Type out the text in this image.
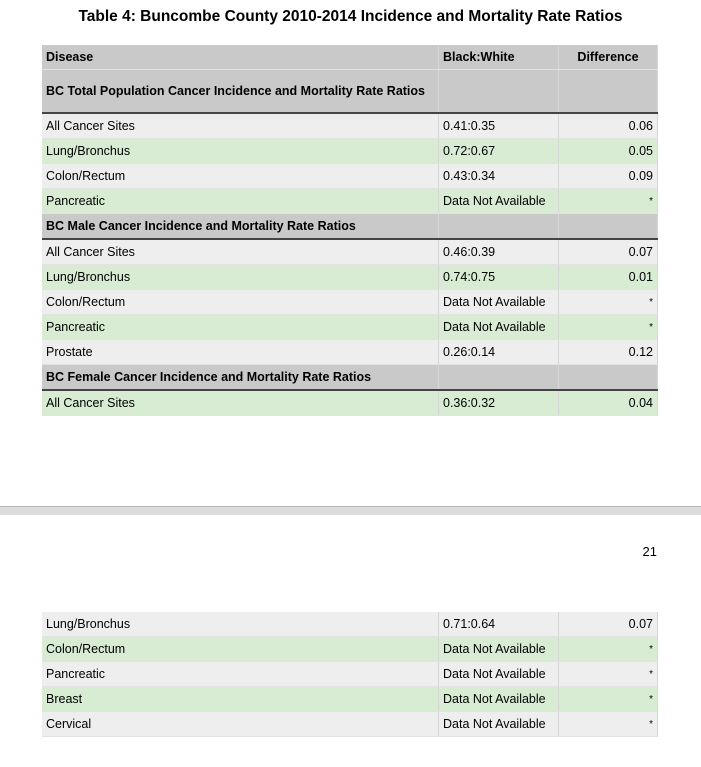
Table 4: Buncombe County 2010-2014 Incidence and Mortality Rate Ratios
Disease	Black:White	Difference
BC Total Population Cancer Incidence and Mortality Rate Ratios		
All Cancer Sites	0.41:0.35	0.06
Lung/Bronchus	0.72:0.67	0.05
Colon/Rectum	0.43:0.34	0.09
Pancreatic	Data Not Available	*
BC Male Cancer Incidence and Mortality Rate Ratios		
All Cancer Sites	0.46:0.39	0.07
Lung/Bronchus	0.74:0.75	0.01
Colon/Rectum	Data Not Available	*
Pancreatic	Data Not Available	*
Prostate	0.26:0.14	0.12
BC Female Cancer Incidence and Mortality Rate Ratios		
All Cancer Sites	0.36:0.32	0.04
21
Lung/Bronchus	0.71:0.64	0.07
Colon/Rectum	Data Not Available	*
Pancreatic	Data Not Available	*
Breast	Data Not Available	*
Cervical	Data Not Available	*
